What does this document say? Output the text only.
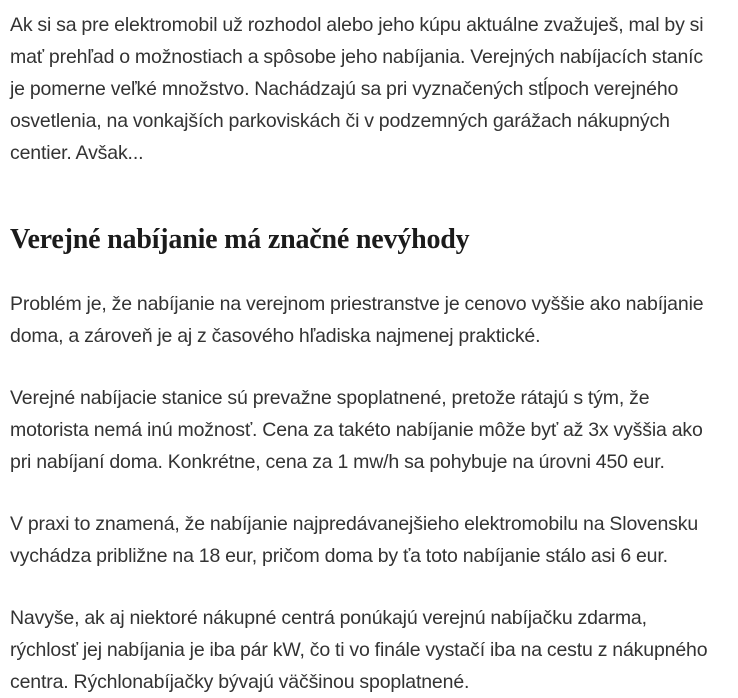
Ak si sa pre elektromobil už rozhodol alebo jeho kúpu aktuálne zvažuješ, mal by si mať prehľad o možnostiach a spôsobe jeho nabíjania. Verejných nabíjacích staníc je pomerne veľké množstvo. Nachádzajú sa pri vyznačených stĺpoch verejného osvetlenia, na vonkajších parkoviskách či v podzemných garážach nákupných centier. Avšak...

Verejné nabíjanie má značné nevýhody

Problém je, že nabíjanie na verejnom priestranstve je cenovo vyššie ako nabíjanie doma, a zároveň je aj z časového hľadiska najmenej praktické.

Verejné nabíjacie stanice sú prevažne spoplatnené, pretože rátajú s tým, že motorista nemá inú možnosť. Cena za takéto nabíjanie môže byť až 3x vyššia ako pri nabíjaní doma. Konkrétne, cena za 1 mw/h sa pohybuje na úrovni 450 eur.

V praxi to znamená, že nabíjanie najpredávanejšieho elektromobilu na Slovensku vychádza približne na 18 eur, pričom doma by ťa toto nabíjanie stálo asi 6 eur.

Navyše, ak aj niektoré nákupné centrá ponúkajú verejnú nabíjačku zdarma, rýchlosť jej nabíjania je iba pár kW, čo ti vo finále vystačí iba na cestu z nákupného centra. Rýchlonabíjačky bývajú väčšinou spoplatnené.
